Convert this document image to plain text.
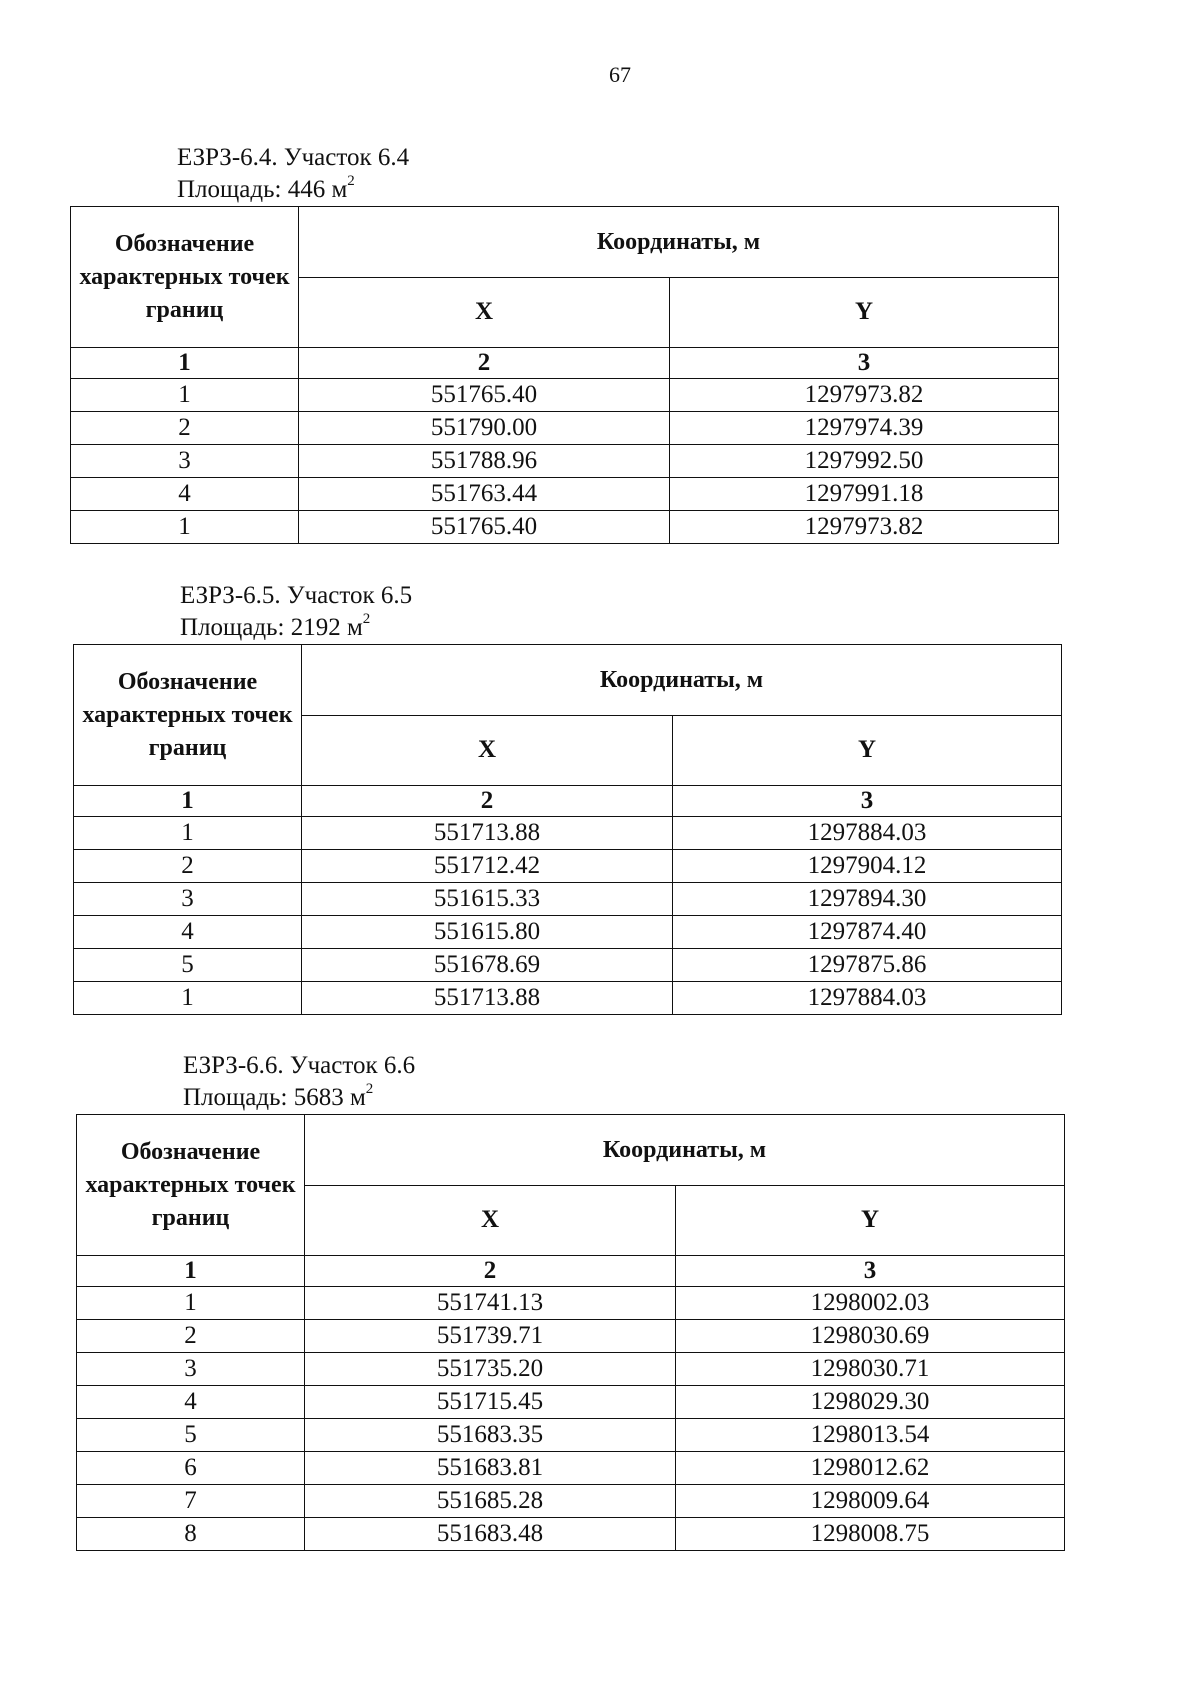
67
ЕЗРЗ-6.4. Участок 6.4
Площадь: 446 $м^2$
Обозначение характерных точек границ	Координаты, м	
	X	Y
1	2	3
1	551765.40	1297973.82
2	551790.00	1297974.39
3	551788.96	1297992.50
4	551763.44	1297991.18
1	551765.40	1297973.82
ЕЗРЗ-6.5. Участок 6.5
Площадь: 2192 $м^2$
Обозначение характерных точек границ	Координаты, м	
	X	Y
1	2	3
1	551713.88	1297884.03
2	551712.42	1297904.12
3	551615.33	1297894.30
4	551615.80	1297874.40
5	551678.69	1297875.86
1	551713.88	1297884.03
ЕЗРЗ-6.6. Участок 6.6
Площадь: 5683 $м^2$
Обозначение характерных точек границ	Координаты, м	
	X	Y
1	2	3
1	551741.13	1298002.03
2	551739.71	1298030.69
3	551735.20	1298030.71
4	551715.45	1298029.30
5	551683.35	1298013.54
6	551683.81	1298012.62
7	551685.28	1298009.64
8	551683.48	1298008.75
